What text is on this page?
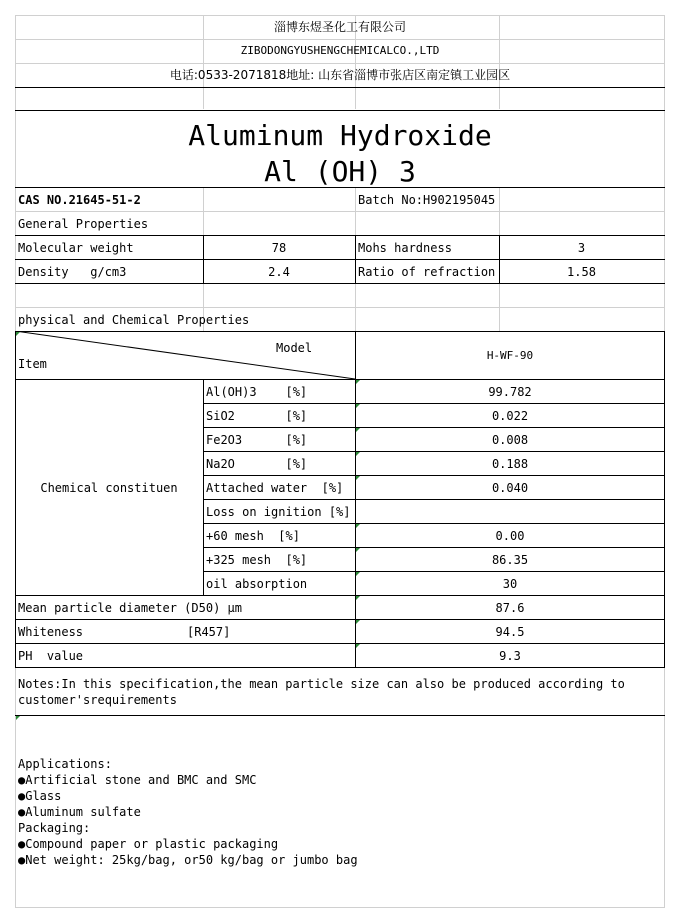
淄博东煜圣化工有限公司
ZIBODONGYUSHENGCHEMICALCO.,LTD
电话:0533-2071818地址: 山东省淄博市张店区南定镇工业园区
Aluminum Hydroxide
Al (OH) 3
CAS NO.21645-51-2	Batch No:H902195045
General Properties
Molecular weight	78	Mohs hardness	3
Density   g/cm3	2.4	Ratio of refraction	1.58
physical and Chemical Properties
Model
Item
H-WF-90
Chemical constituen
Al(OH)3    [%]	99.782
SiO2       [%]	0.022
Fe2O3      [%]	0.008
Na2O       [%]	0.188
Attached water  [%]	0.040
Loss on ignition [%]
+60 mesh  [%]	0.00
+325 mesh  [%]	86.35
oil absorption	30
Mean particle diameter (D50) μm	87.6
Whiteness	[R457]	94.5
PH  value	9.3
Notes:In this specification,the mean particle size can also be produced according to
customer'srequirements
Applications:
●Artificial stone and BMC and SMC
●Glass
●Aluminum sulfate
Packaging:
●Compound paper or plastic packaging
●Net weight: 25kg/bag, or50 kg/bag or jumbo bag
